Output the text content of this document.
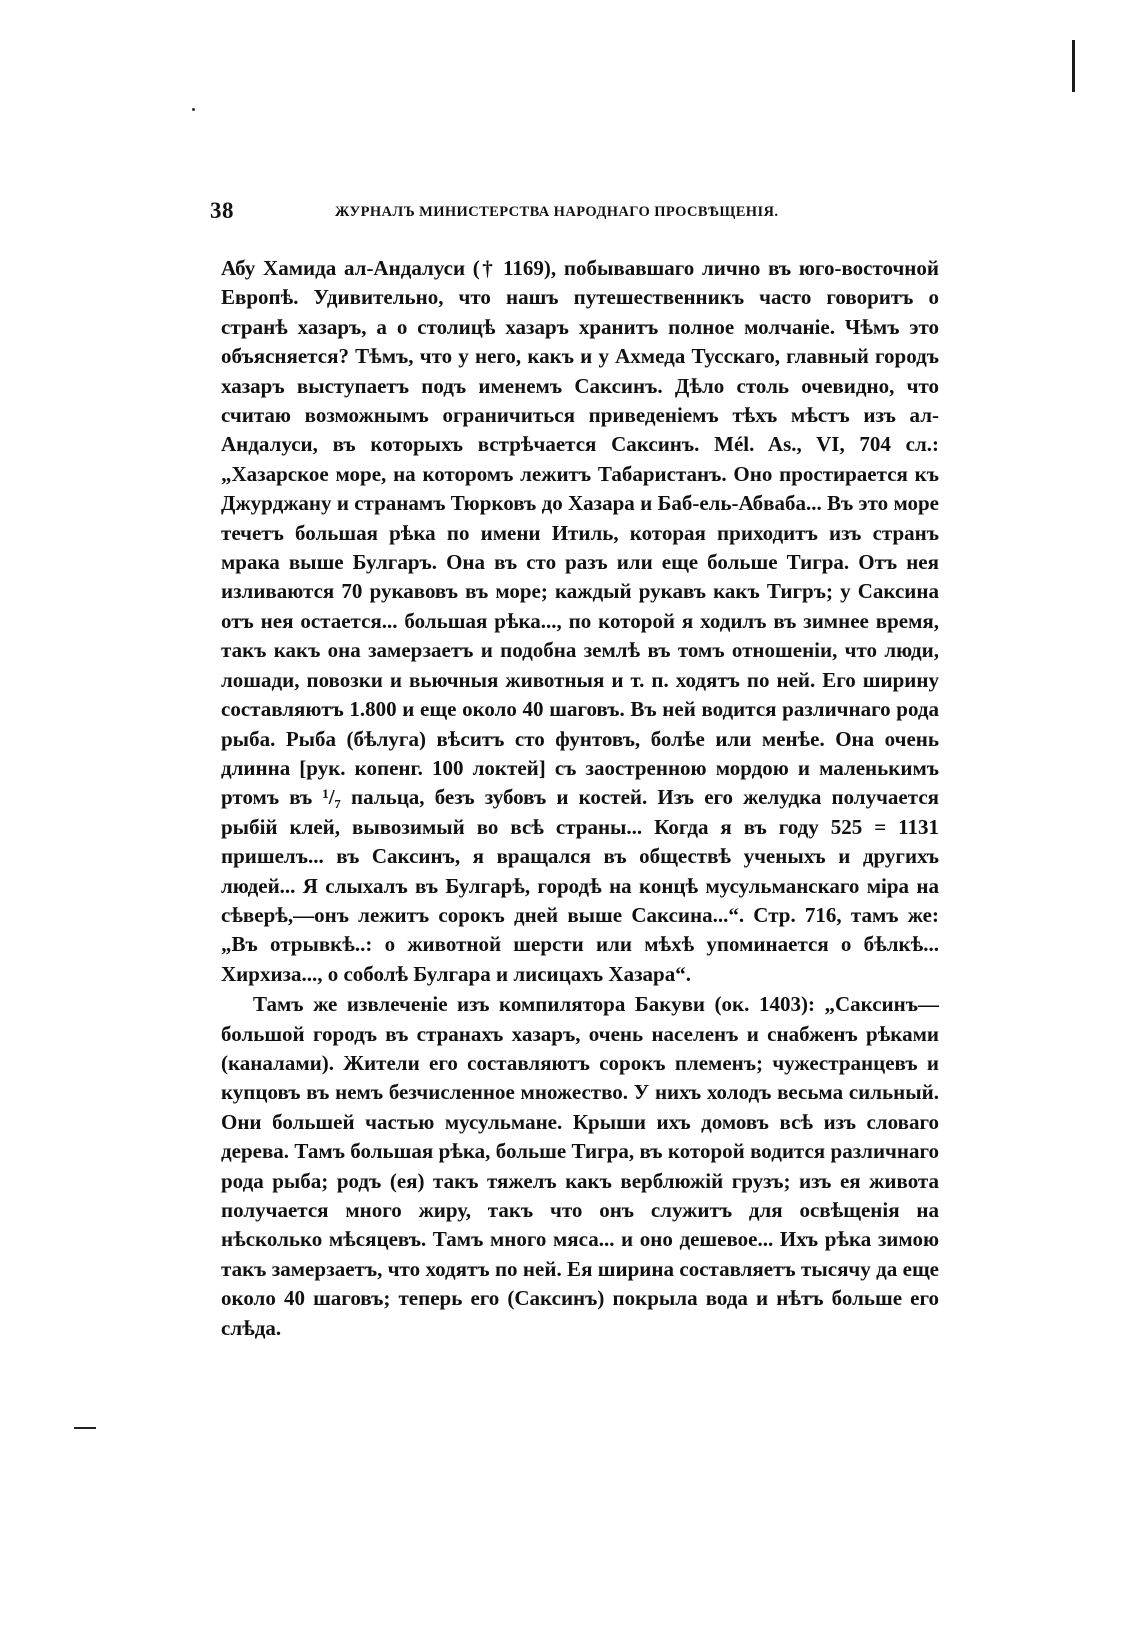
38	ЖУРНАЛЪ МИНИСТЕРСТВА НАРОДНАГО ПРОСВѢЩЕНІЯ.

Абу Хамида ал-Андалуси († 1169), побывавшаго лично въ юго-восточной Европѣ. Удивительно, что нашъ путешественникъ часто говоритъ о странѣ хазаръ, а о столицѣ хазаръ хранитъ полное молчаніе. Чѣмъ это объясняется? Тѣмъ, что у него, какъ и у Ахмеда Тусскаго, главный городъ хазаръ выступаетъ подъ именемъ Саксинъ. Дѣло столь очевидно, что считаю возможнымъ ограничиться приведеніемъ тѣхъ мѣстъ изъ ал-Андалуси, въ которыхъ встрѣчается Саксинъ. Mél. As., VI, 704 сл.: „Хазарское море, на которомъ лежитъ Табаристанъ. Оно простирается къ Джурджану и странамъ Тюрковъ до Хазара и Баб-ель-Абваба... Въ это море течетъ большая рѣка по имени Итиль, которая приходитъ изъ странъ мрака выше Булгаръ. Она въ сто разъ или еще больше Тигра. Отъ нея изливаются 70 рукавовъ въ море; каждый рукавъ какъ Тигръ; у Саксина отъ нея остается... большая рѣка..., по которой я ходилъ въ зимнее время, такъ какъ она замерзаетъ и подобна землѣ въ томъ отношеніи, что люди, лошади, повозки и вьючныя животныя и т. п. ходятъ по ней. Его ширину составляютъ 1.800 и еще около 40 шаговъ. Въ ней водится различнаго рода рыба. Рыба (бѣлуга) вѣситъ сто фунтовъ, болѣе или менѣе. Она очень длинна [рук. копенг. 100 локтей] съ заостренною мордою и маленькимъ ртомъ въ ¹/₇ пальца, безъ зубовъ и костей. Изъ его желудка получается рыбій клей, вывозимый во всѣ страны... Когда я въ году 525 = 1131 пришелъ... въ Саксинъ, я вращался въ обществѣ ученыхъ и другихъ людей... Я слыхалъ въ Булгарѣ, городѣ на концѣ мусульманскаго міра на сѣверѣ,—онъ лежитъ сорокъ дней выше Саксина...“. Стр. 716, тамъ же: „Въ отрывкѣ..: о животной шерсти или мѣхѣ упоминается о бѣлкѣ... Хирхиза..., о соболѣ Булгара и лисицахъ Хазара“.

Тамъ же извлеченіе изъ компилятора Бакуви (ок. 1403): „Саксинъ—большой городъ въ странахъ хазаръ, очень населенъ и снабженъ рѣками (каналами). Жители его составляютъ сорокъ племенъ; чужестранцевъ и купцовъ въ немъ безчисленное множество. У нихъ холодъ весьма сильный. Они большей частью мусульмане. Крыши ихъ домовъ всѣ изъ словаго дерева. Тамъ большая рѣка, больше Тигра, въ которой водится различнаго рода рыба; родъ (ея) такъ тяжелъ какъ верблюжій грузъ; изъ ея живота получается много жиру, такъ что онъ служитъ для освѣщенія на нѣсколько мѣсяцевъ. Тамъ много мяса... и оно дешевое... Ихъ рѣка зимою такъ замерзаетъ, что ходятъ по ней. Ея ширина составляетъ тысячу да еще около 40 шаговъ; теперь его (Саксинъ) покрыла вода и нѣтъ больше его слѣда.
